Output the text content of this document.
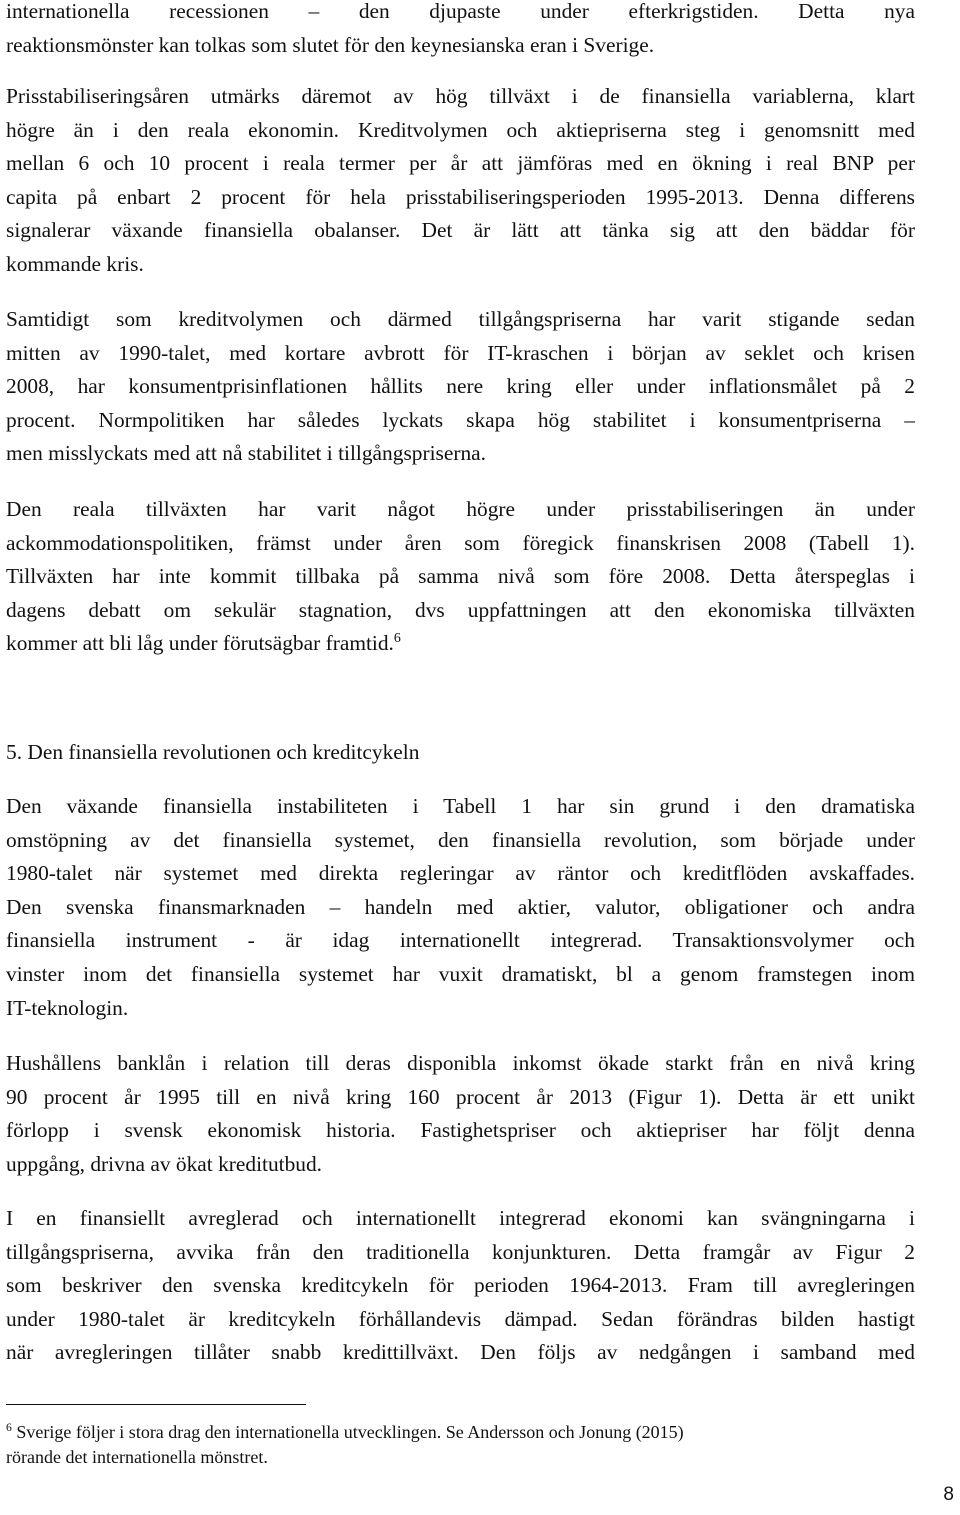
internationella recessionen – den djupaste under efterkrigstiden. Detta nya
reaktionsmönster kan tolkas som slutet för den keynesianska eran i Sverige.

Prisstabiliseringsåren utmärks däremot av hög tillväxt i de finansiella variablerna, klart
högre än i den reala ekonomin. Kreditvolymen och aktiepriserna steg i genomsnitt med
mellan 6 och 10 procent i reala termer per år att jämföras med en ökning i real BNP per
capita på enbart 2 procent för hela prisstabiliseringsperioden 1995-2013. Denna differens
signalerar växande finansiella obalanser. Det är lätt att tänka sig att den bäddar för
kommande kris.

Samtidigt som kreditvolymen och därmed tillgångspriserna har varit stigande sedan
mitten av 1990-talet, med kortare avbrott för IT-kraschen i början av seklet och krisen
2008, har konsumentprisinflationen hållits nere kring eller under inflationsmålet på 2
procent. Normpolitiken har således lyckats skapa hög stabilitet i konsumentpriserna –
men misslyckats med att nå stabilitet i tillgångspriserna.

Den reala tillväxten har varit något högre under prisstabiliseringen än under
ackommodationspolitiken, främst under åren som föregick finanskrisen 2008 (Tabell 1).
Tillväxten har inte kommit tillbaka på samma nivå som före 2008. Detta återspeglas i
dagens debatt om sekulär stagnation, dvs uppfattningen att den ekonomiska tillväxten
kommer att bli låg under förutsägbar framtid.$^6$

5. Den finansiella revolutionen och kreditcykeln

Den växande finansiella instabiliteten i Tabell 1 har sin grund i den dramatiska
omstöpning av det finansiella systemet, den finansiella revolution, som började under
1980-talet när systemet med direkta regleringar av räntor och kreditflöden avskaffades.
Den svenska finansmarknaden – handeln med aktier, valutor, obligationer och andra
finansiella instrument - är idag internationellt integrerad. Transaktionsvolymer och
vinster inom det finansiella systemet har vuxit dramatiskt, bl a genom framstegen inom
IT-teknologin.

Hushållens banklån i relation till deras disponibla inkomst ökade starkt från en nivå kring
90 procent år 1995 till en nivå kring 160 procent år 2013 (Figur 1). Detta är ett unikt
förlopp i svensk ekonomisk historia. Fastighetspriser och aktiepriser har följt denna
uppgång, drivna av ökat kreditutbud.

I en finansiellt avreglerad och internationellt integrerad ekonomi kan svängningarna i
tillgångspriserna, avvika från den traditionella konjunkturen. Detta framgår av Figur 2
som beskriver den svenska kreditcykeln för perioden 1964-2013. Fram till avregleringen
under 1980-talet är kreditcykeln förhållandevis dämpad. Sedan förändras bilden hastigt
när avregleringen tillåter snabb kredittillväxt. Den följs av nedgången i samband med

$^6$ Sverige följer i stora drag den internationella utvecklingen. Se Andersson och Jonung (2015)
rörande det internationella mönstret.

8
